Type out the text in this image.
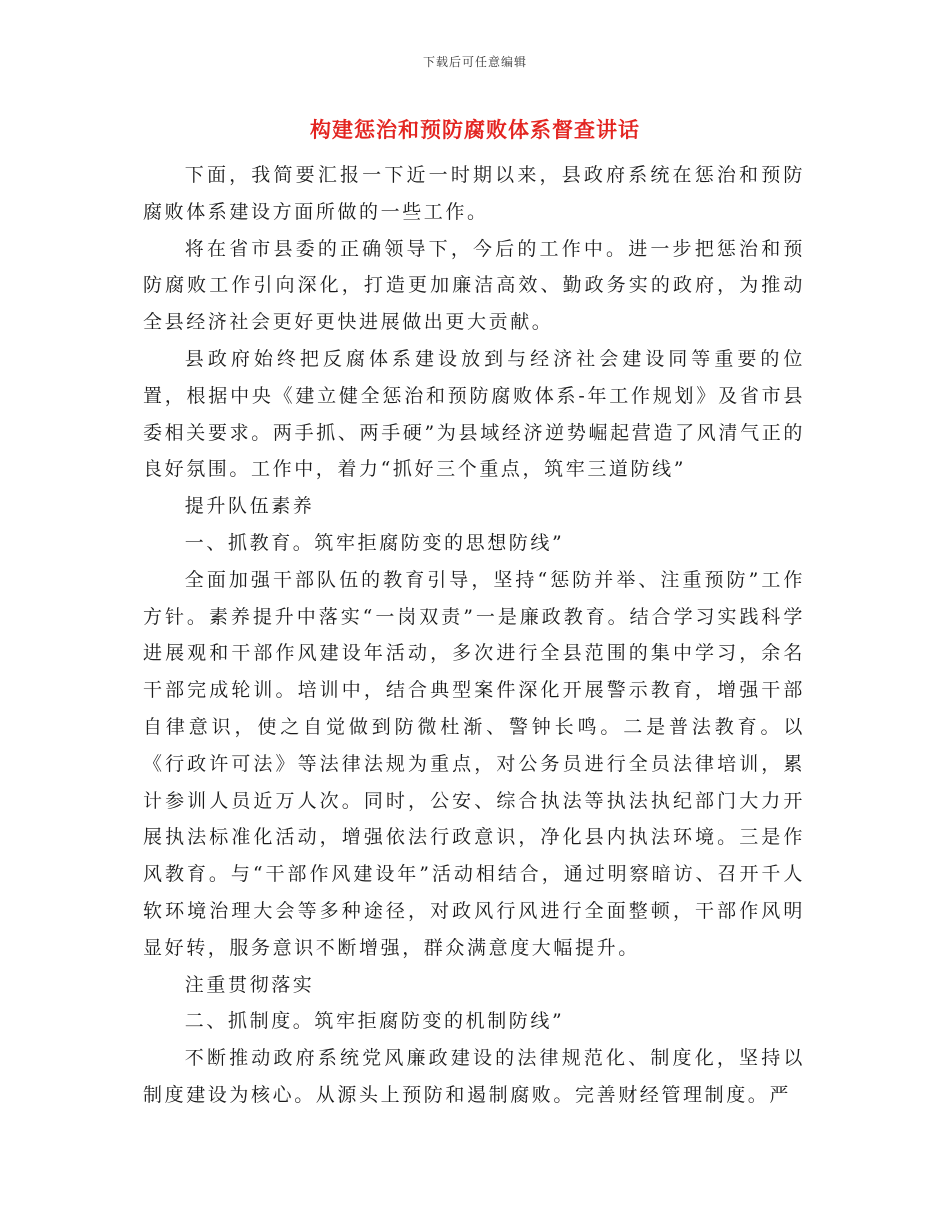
下载后可任意编辑
构建惩治和预防腐败体系督查讲话

下面，我简要汇报一下近一时期以来，县政府系统在惩治和预防腐败体系建设方面所做的一些工作。

将在省市县委的正确领导下，今后的工作中。进一步把惩治和预防腐败工作引向深化，打造更加廉洁高效、勤政务实的政府，为推动全县经济社会更好更快进展做出更大贡献。

县政府始终把反腐体系建设放到与经济社会建设同等重要的位置，根据中央《建立健全惩治和预防腐败体系-年工作规划》及省市县委相关要求。两手抓、两手硬”为县域经济逆势崛起营造了风清气正的良好氛围。工作中，着力“抓好三个重点，筑牢三道防线”

提升队伍素养

一、抓教育。筑牢拒腐防变的思想防线”

全面加强干部队伍的教育引导，坚持“惩防并举、注重预防”工作方针。素养提升中落实“一岗双责”一是廉政教育。结合学习实践科学进展观和干部作风建设年活动，多次进行全县范围的集中学习，余名干部完成轮训。培训中，结合典型案件深化开展警示教育，增强干部自律意识，使之自觉做到防微杜渐、警钟长鸣。二是普法教育。以《行政许可法》等法律法规为重点，对公务员进行全员法律培训，累计参训人员近万人次。同时，公安、综合执法等执法执纪部门大力开展执法标准化活动，增强依法行政意识，净化县内执法环境。三是作风教育。与“干部作风建设年”活动相结合，通过明察暗访、召开千人软环境治理大会等多种途径，对政风行风进行全面整顿，干部作风明显好转，服务意识不断增强，群众满意度大幅提升。

注重贯彻落实

二、抓制度。筑牢拒腐防变的机制防线”

不断推动政府系统党风廉政建设的法律规范化、制度化，坚持以制度建设为核心。从源头上预防和遏制腐败。完善财经管理制度。严
